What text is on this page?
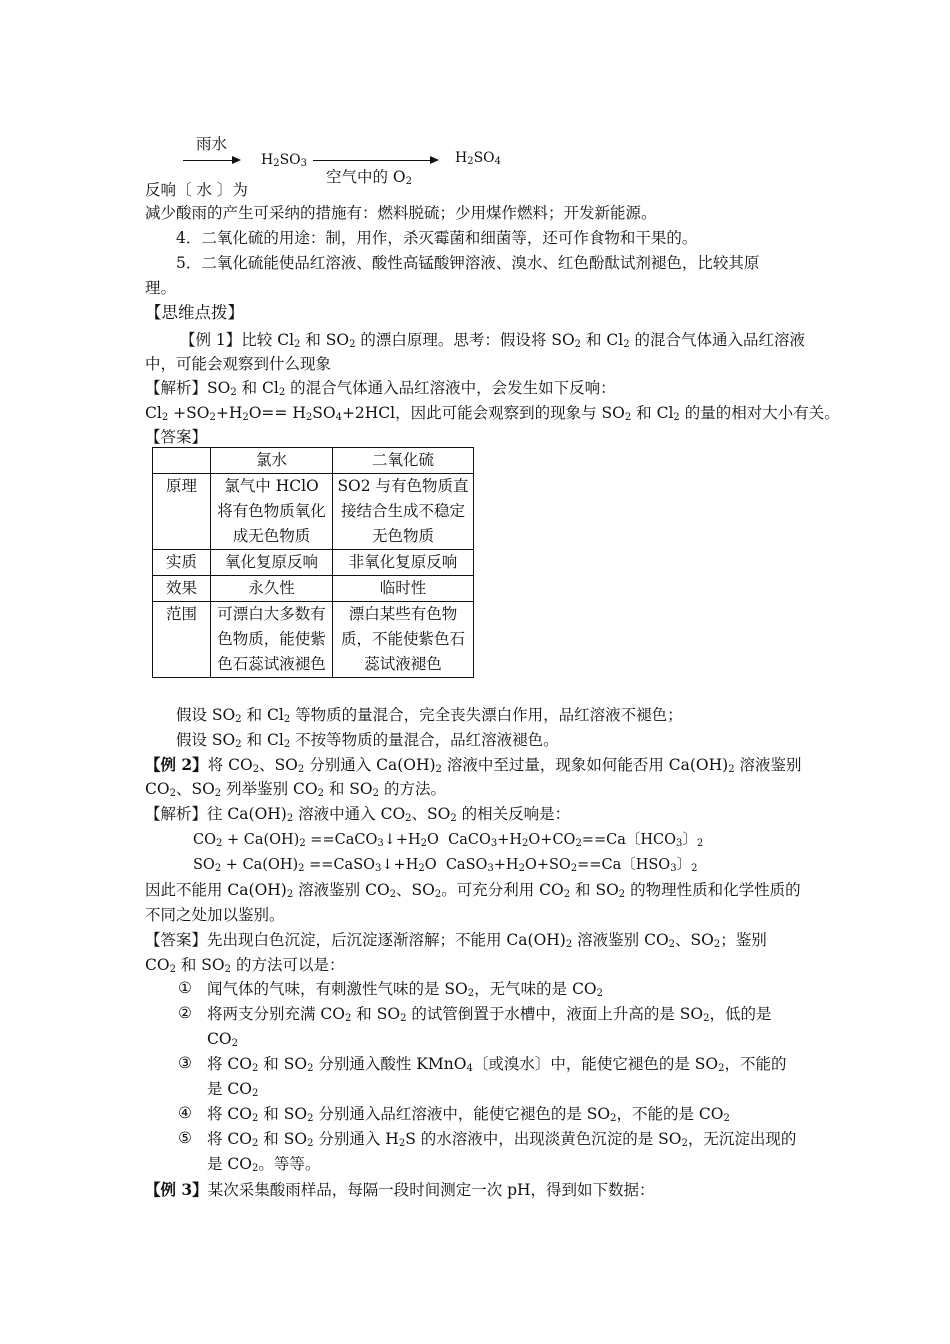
雨水
$H_2SO_3$
空气中的 $O_2$
$H_2SO_4$
反响〔 水 〕为
减少酸雨的产生可采纳的措施有：燃料脱硫；少用煤作燃料；开发新能源。
4．二氧化硫的用途：制，用作，杀灭霉菌和细菌等，还可作食物和干果的。
5．二氧化硫能使品红溶液、酸性高锰酸钾溶液、溴水、红色酚酞试剂褪色，比较其原
理。
【思维点拨】
【例 1】比较 $Cl_2$ 和 $SO_2$ 的漂白原理。思考：假设将 $SO_2$ 和 $Cl_2$ 的混合气体通入品红溶液
中，可能会观察到什么现象
【解析】$SO_2$ 和 $Cl_2$ 的混合气体通入品红溶液中，会发生如下反响：
$Cl_2 +SO_2+H_2O== H_2SO_4+2HCl$，因此可能会观察到的现象与 $SO_2$ 和 $Cl_2$ 的量的相对大小有关。
【答案】
	氯水	二氧化硫
原理	氯气中 HClO 将有色物质氧化成无色物质	SO2 与有色物质直接结合生成不稳定无色物质
实质	氧化复原反响	非氧化复原反响
效果	永久性	临时性
范围	可漂白大多数有色物质，能使紫色石蕊试液褪色	漂白某些有色物质，不能使紫色石蕊试液褪色
假设 $SO_2$ 和 $Cl_2$ 等物质的量混合，完全丧失漂白作用，品红溶液不褪色；
假设 $SO_2$ 和 $Cl_2$ 不按等物质的量混合，品红溶液褪色。
【例 2】将 $CO_2$、$SO_2$ 分别通入 $Ca(OH)_2$ 溶液中至过量，现象如何能否用 $Ca(OH)_2$ 溶液鉴别
$CO_2$、$SO_2$ 列举鉴别 $CO_2$ 和 $SO_2$ 的方法。
【解析】往 $Ca(OH)_2$ 溶液中通入 $CO_2$、$SO_2$ 的相关反响是：
$CO_2 + Ca(OH)_2$ $==CaCO_3↓+H_2O$  $CaCO_3+H_2O+CO_2==Ca$〔$HCO_3$〕$_2$
$SO_2 + Ca(OH)_2$ $==CaSO_3↓+H_2O$  $CaSO_3+H_2O+SO_2==Ca$〔$HSO_3$〕$_2$
因此不能用 $Ca(OH)_2$ 溶液鉴别 $CO_2$、$SO_2$。可充分利用 $CO_2$ 和 $SO_2$ 的物理性质和化学性质的
不同之处加以鉴别。
【答案】先出现白色沉淀，后沉淀逐渐溶解；不能用 $Ca(OH)_2$ 溶液鉴别 $CO_2$、$SO_2$；鉴别
$CO_2$ 和 $SO_2$ 的方法可以是：
① 闻气体的气味，有刺激性气味的是 $SO_2$，无气味的是 $CO_2$
② 将两支分别充满 $CO_2$ 和 $SO_2$ 的试管倒置于水槽中，液面上升高的是 $SO_2$，低的是
$CO_2$
③ 将 $CO_2$ 和 $SO_2$ 分别通入酸性 KMnO$_4$〔或溴水〕中，能使它褪色的是 $SO_2$，不能的
是 $CO_2$
④ 将 $CO_2$ 和 $SO_2$ 分别通入品红溶液中，能使它褪色的是 $SO_2$，不能的是 $CO_2$
⑤ 将 $CO_2$ 和 $SO_2$ 分别通入 $H_2S$ 的水溶液中，出现淡黄色沉淀的是 $SO_2$，无沉淀出现的
是 $CO_2$。等等。
【例 3】某次采集酸雨样品，每隔一段时间测定一次 pH，得到如下数据：
